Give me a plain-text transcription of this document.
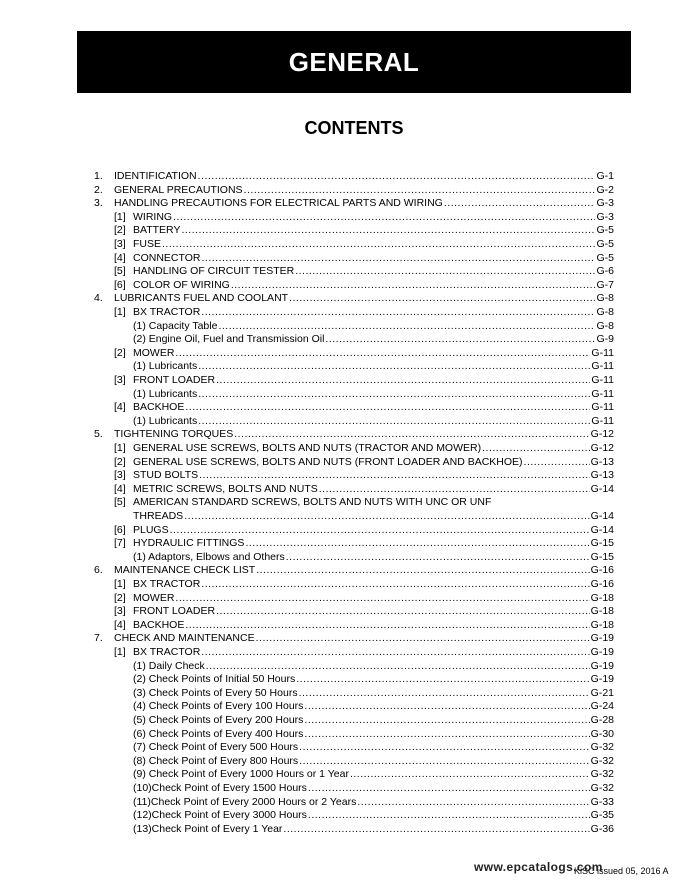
GENERAL
CONTENTS
1. IDENTIFICATION .....	G-1
2. GENERAL PRECAUTIONS .....	G-2
3. HANDLING PRECAUTIONS FOR ELECTRICAL PARTS AND WIRING .....	G-3
[1] WIRING .....	G-3
[2] BATTERY .....	G-5
[3] FUSE .....	G-5
[4] CONNECTOR .....	G-5
[5] HANDLING OF CIRCUIT TESTER .....	G-6
[6] COLOR OF WIRING .....	G-7
4. LUBRICANTS FUEL AND COOLANT .....	G-8
[1] BX TRACTOR .....	G-8
(1) Capacity Table .....	G-8
(2) Engine Oil, Fuel and Transmission Oil .....	G-9
[2] MOWER .....	G-11
(1) Lubricants .....	G-11
[3] FRONT LOADER .....	G-11
(1) Lubricants .....	G-11
[4] BACKHOE .....	G-11
(1) Lubricants .....	G-11
5. TIGHTENING TORQUES .....	G-12
[1] GENERAL USE SCREWS, BOLTS AND NUTS (TRACTOR AND MOWER) .....	G-12
[2] GENERAL USE SCREWS, BOLTS AND NUTS (FRONT LOADER AND BACKHOE) .....	G-13
[3] STUD BOLTS .....	G-13
[4] METRIC SCREWS, BOLTS AND NUTS .....	G-14
[5] AMERICAN STANDARD SCREWS, BOLTS AND NUTS WITH UNC OR UNF
THREADS .....	G-14
[6] PLUGS .....	G-14
[7] HYDRAULIC FITTINGS .....	G-15
(1) Adaptors, Elbows and Others .....	G-15
6. MAINTENANCE CHECK LIST .....	G-16
[1] BX TRACTOR .....	G-16
[2] MOWER .....	G-18
[3] FRONT LOADER .....	G-18
[4] BACKHOE .....	G-18
7. CHECK AND MAINTENANCE .....	G-19
[1] BX TRACTOR .....	G-19
(1) Daily Check .....	G-19
(2) Check Points of Initial 50 Hours .....	G-19
(3) Check Points of Every 50 Hours .....	G-21
(4) Check Points of Every 100 Hours .....	G-24
(5) Check Points of Every 200 Hours .....	G-28
(6) Check Points of Every 400 Hours .....	G-30
(7) Check Point of Every 500 Hours .....	G-32
(8) Check Point of Every 800 Hours .....	G-32
(9) Check Point of Every 1000 Hours or 1 Year .....	G-32
(10)Check Point of Every 1500 Hours .....	G-32
(11)Check Point of Every 2000 Hours or 2 Years .....	G-33
(12)Check Point of Every 3000 Hours .....	G-35
(13)Check Point of Every 1 Year .....	G-36
KiSC issued 05, 2016 A
www.epcatalogs.com
